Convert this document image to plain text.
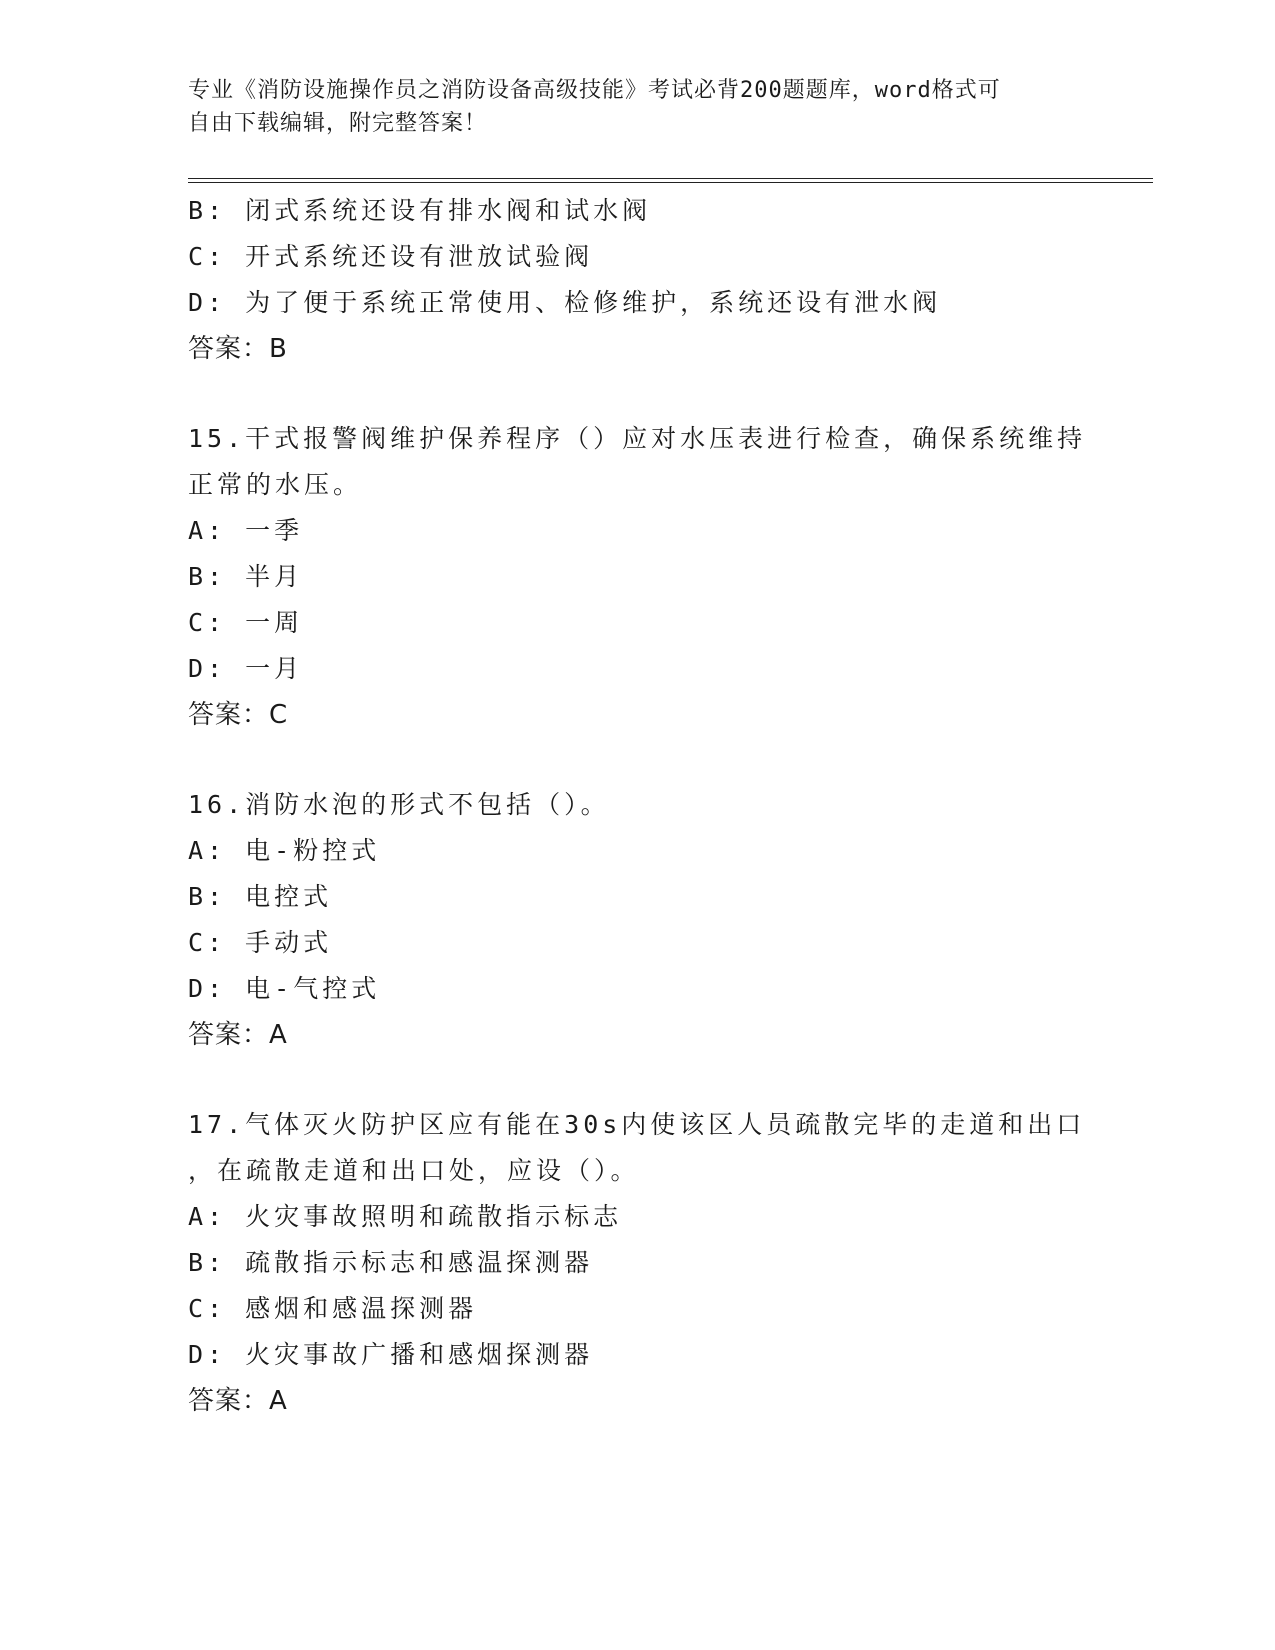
专业《消防设施操作员之消防设备高级技能》考试必背200题题库，word格式可
自由下载编辑，附完整答案！
B: 闭式系统还设有排水阀和试水阀
C: 开式系统还设有泄放试验阀
D: 为了便于系统正常使用、检修维护，系统还设有泄水阀
答案：B
15.干式报警阀维护保养程序（）应对水压表进行检查，确保系统维持
正常的水压。
A: 一季
B: 半月
C: 一周
D: 一月
答案：C
16.消防水泡的形式不包括（）。
A: 电-粉控式
B: 电控式
C: 手动式
D: 电-气控式
答案：A
17.气体灭火防护区应有能在30s内使该区人员疏散完毕的走道和出口
，在疏散走道和出口处，应设（）。
A: 火灾事故照明和疏散指示标志
B: 疏散指示标志和感温探测器
C: 感烟和感温探测器
D: 火灾事故广播和感烟探测器
答案：A
